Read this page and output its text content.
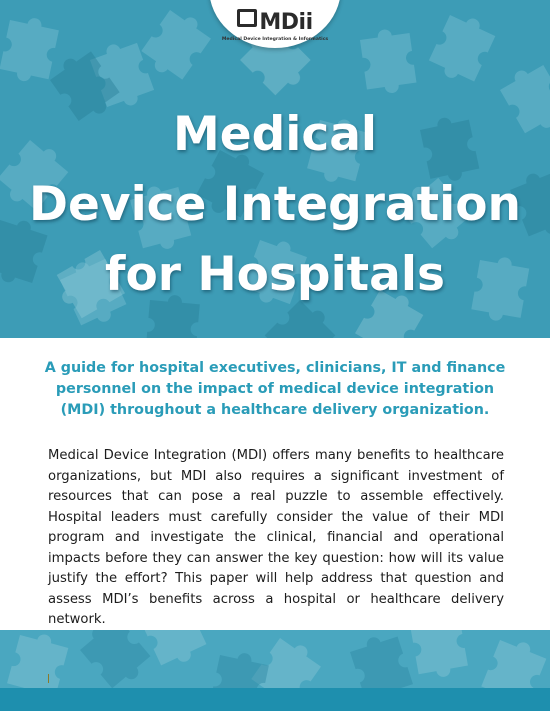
Medical
Device Integration
for Hospitals
MDii
Medical Device Integration & Informatics
A guide for hospital executives, clinicians, IT and finance personnel on the impact of medical device integration (MDI) throughout a healthcare delivery organization.
Medical Device Integration (MDI) offers many benefits to healthcare organizations, but MDI also requires a significant investment of resources that can pose a real puzzle to assemble effectively. Hospital leaders must carefully consider the value of their MDI program and investigate the clinical, financial and operational impacts before they can answer the key question: how will its value justify the effort? This paper will help address that question and assess MDI’s benefits across a hospital or healthcare delivery network.
